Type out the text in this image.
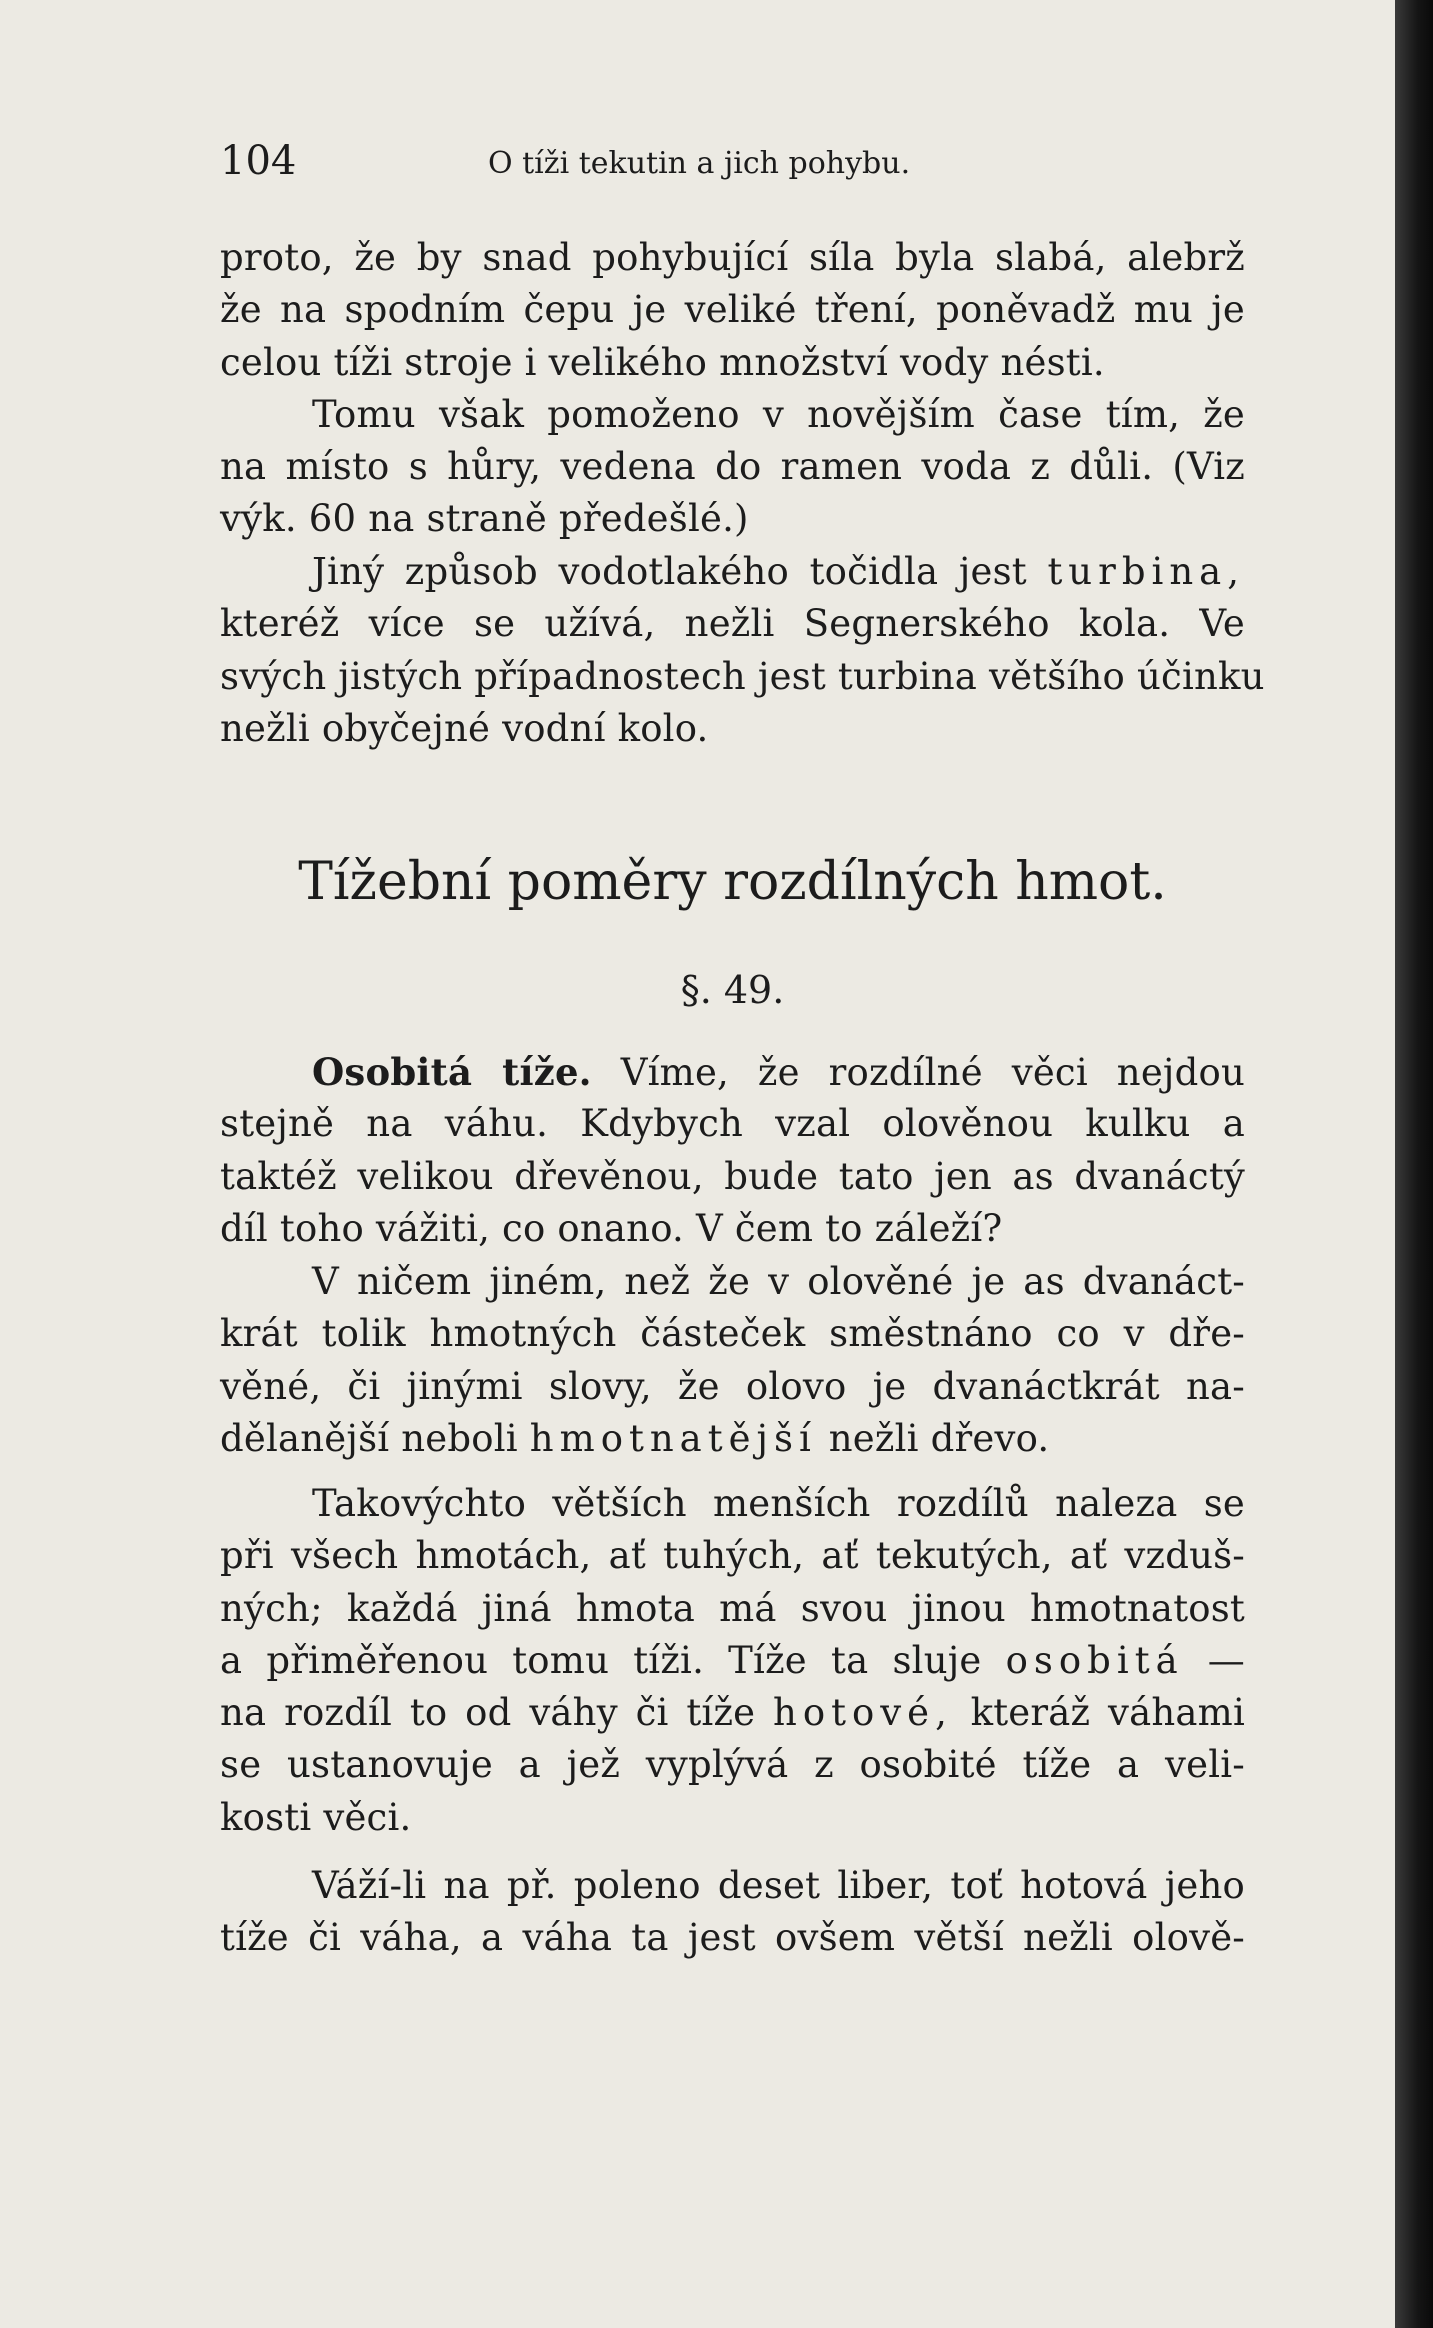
104	O tíži tekutin a jich pohybu.
proto, že by snad pohybující síla byla slabá, alebrž
že na spodním čepu je veliké tření, poněvadž mu je
celou tíži stroje i velikého množství vody nésti.
Tomu však pomoženo v novějším čase tím, že
na místo s hůry, vedena do ramen voda z důli. (Viz
výk. 60 na straně předešlé.)
Jiný způsob vodotlakého točidla jest turbina,
kteréž více se užívá, nežli Segnerského kola. Ve
svých jistých případnostech jest turbina většího účinku
nežli obyčejné vodní kolo.
Tížební poměry rozdílných hmot.
§. 49.
Osobitá tíže. Víme, že rozdílné věci nejdou
stejně na váhu. Kdybych vzal olověnou kulku a
taktéž velikou dřevěnou, bude tato jen as dvanáctý
díl toho vážiti, co onano. V čem to záleží?
V ničem jiném, než že v olověné je as dvanáct-
krát tolik hmotných částeček směstnáno co v dře-
věné, či jinými slovy, že olovo je dvanáctkrát na-
dělanější neboli hmotnatější nežli dřevo.
Takovýchto větších menších rozdílů naleza se
při všech hmotách, ať tuhých, ať tekutých, ať vzduš-
ných; každá jiná hmota má svou jinou hmotnatost
a přiměřenou tomu tíži. Tíže ta sluje osobitá —
na rozdíl to od váhy či tíže hotové, kteráž váhami
se ustanovuje a jež vyplývá z osobité tíže a veli-
kosti věci.
Váží-li na př. poleno deset liber, toť hotová jeho
tíže či váha, a váha ta jest ovšem větší nežli olově-
